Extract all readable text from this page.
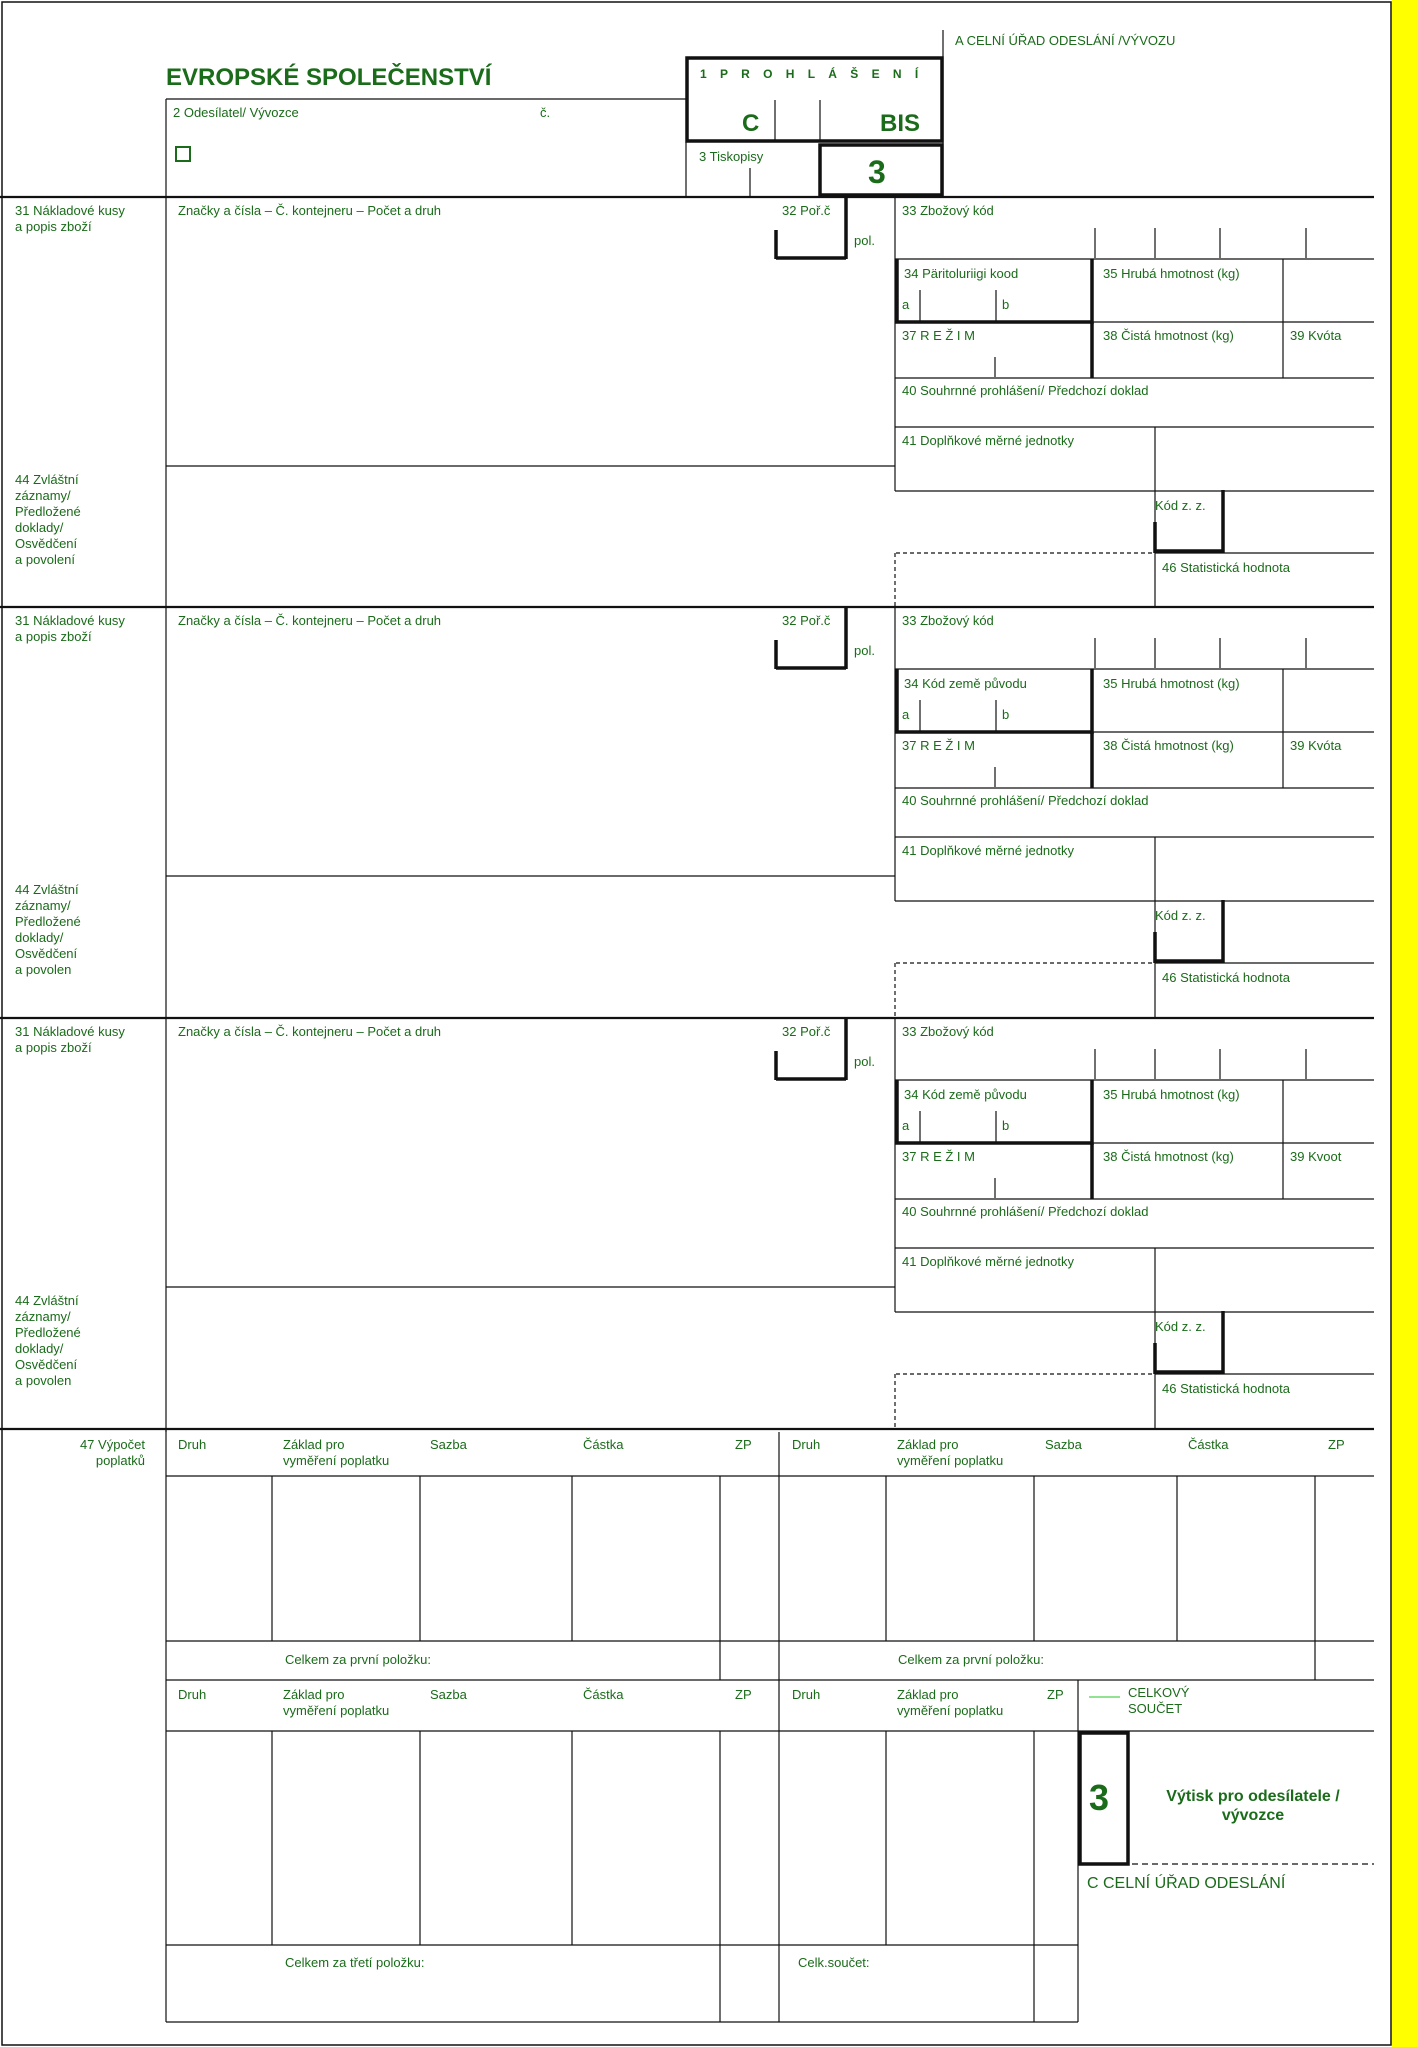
EVROPSKÉ SPOLEČENSTVÍ
A CELNÍ ÚŘAD ODESLÁNÍ /VÝVOZU
2 Odesílatel/ Vývozce	č.
1 P R O H L Á Š E N Í
C	BIS
3 Tiskopisy	3
31 Nákladové kusy
a popis zboží
Značky a čísla – Č. kontejneru – Počet a druh	32 Poř.č
pol.
33 Zbožový kód
34 Päritoluriigi kood
a	b
35 Hrubá hmotnost (kg)
37 R E Ž I M	38 Čistá hmotnost (kg)	39 Kvóta
40 Souhrnné prohlášení/ Předchozí doklad
41 Doplňkové měrné jednotky
44 Zvláštní
záznamy/
Předložené
doklady/
Osvědčení
a povolení
Kód z. z.
46 Statistická hodnota
31 Nákladové kusy
a popis zboží
Značky a čísla – Č. kontejneru – Počet a druh	32 Poř.č
pol.
33 Zbožový kód
34 Kód země původu
a	b
35 Hrubá hmotnost (kg)
37 R E Ž I M	38 Čistá hmotnost (kg)	39 Kvóta
40 Souhrnné prohlášení/ Předchozí doklad
41 Doplňkové měrné jednotky
44 Zvláštní
záznamy/
Předložené
doklady/
Osvědčení
a povolen
Kód z. z.
46 Statistická hodnota
31 Nákladové kusy
a popis zboží
Značky a čísla – Č. kontejneru – Počet a druh	32 Poř.č
pol.
33 Zbožový kód
34 Kód země původu
a	b
35 Hrubá hmotnost (kg)
37 R E Ž I M	38 Čistá hmotnost (kg)	39 Kvoot
40 Souhrnné prohlášení/ Předchozí doklad
41 Doplňkové měrné jednotky
44 Zvláštní
záznamy/
Předložené
doklady/
Osvědčení
a povolen
Kód z. z.
46 Statistická hodnota
47 Výpočet
poplatků
Druh	Základ pro
vyměření poplatku
Sazba	Částka	ZP	Druh	Základ pro
vyměření poplatku
Sazba	Částka	ZP
Celkem za první položku:	Celkem za první položku:
Druh	Základ pro
vyměření poplatku
Sazba	Částka	ZP	Druh	Základ pro
vyměření poplatku
ZP	CELKOVÝ
SOUČET
Celkem za třetí položku:	Celk.součet:
3	Výtisk pro odesílatele /
vývozce
C CELNÍ ÚŘAD ODESLÁNÍ
